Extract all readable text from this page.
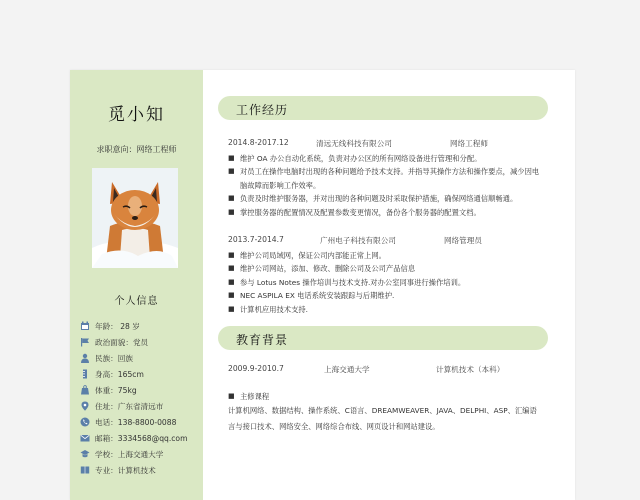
觅小知
求职意向：网络工程师
个人信息
年龄： 28 岁
政治面貌：党员
民族：回族
身高：165cm
体重：75kg
住址：广东省清远市
电话：138-8800-0088
邮箱：3334568@qq.com
学校：上海交通大学
专业：计算机技术
工作经历
2014.8-2017.12	清远无线科技有限公司	网络工程师
■ 维护 OA 办公自动化系统，负责对办公区的所有网络设备进行管理和分配。
■ 对员工在操作电脑时出现的各种问题给予技术支持。并指导其操作方法和操作要点，减少因电脑故障而影响工作效率。
■ 负责及时维护服务器，并对出现的各种问题及时采取保护措施，确保网络通信顺畅通。
■ 掌控服务器的配置情况及配置参数变更情况，备份各个服务器的配置文档。
2013.7-2014.7	广州电子科技有限公司	网络管理员
■ 维护公司局域网，保证公司内部能正常上网。
■ 维护公司网站，添加、修改、删除公司及公司产品信息
■ 参与 Lotus Notes 操作培训与技术支持.对办公室同事进行操作培训。
■ NEC ASPILA EX 电话系统安装跟踪与后期维护.
■ 计算机应用技术支持.
教育背景
2009.9-2010.7	上海交通大学	计算机技术（本科）
■ 主修课程
计算机网络、数据结构、操作系统、C语言、DREAMWEAVER、JAVA、DELPHI、ASP、汇编语言与接口技术、网络安全、网络综合布线、网页设计和网站建设。
